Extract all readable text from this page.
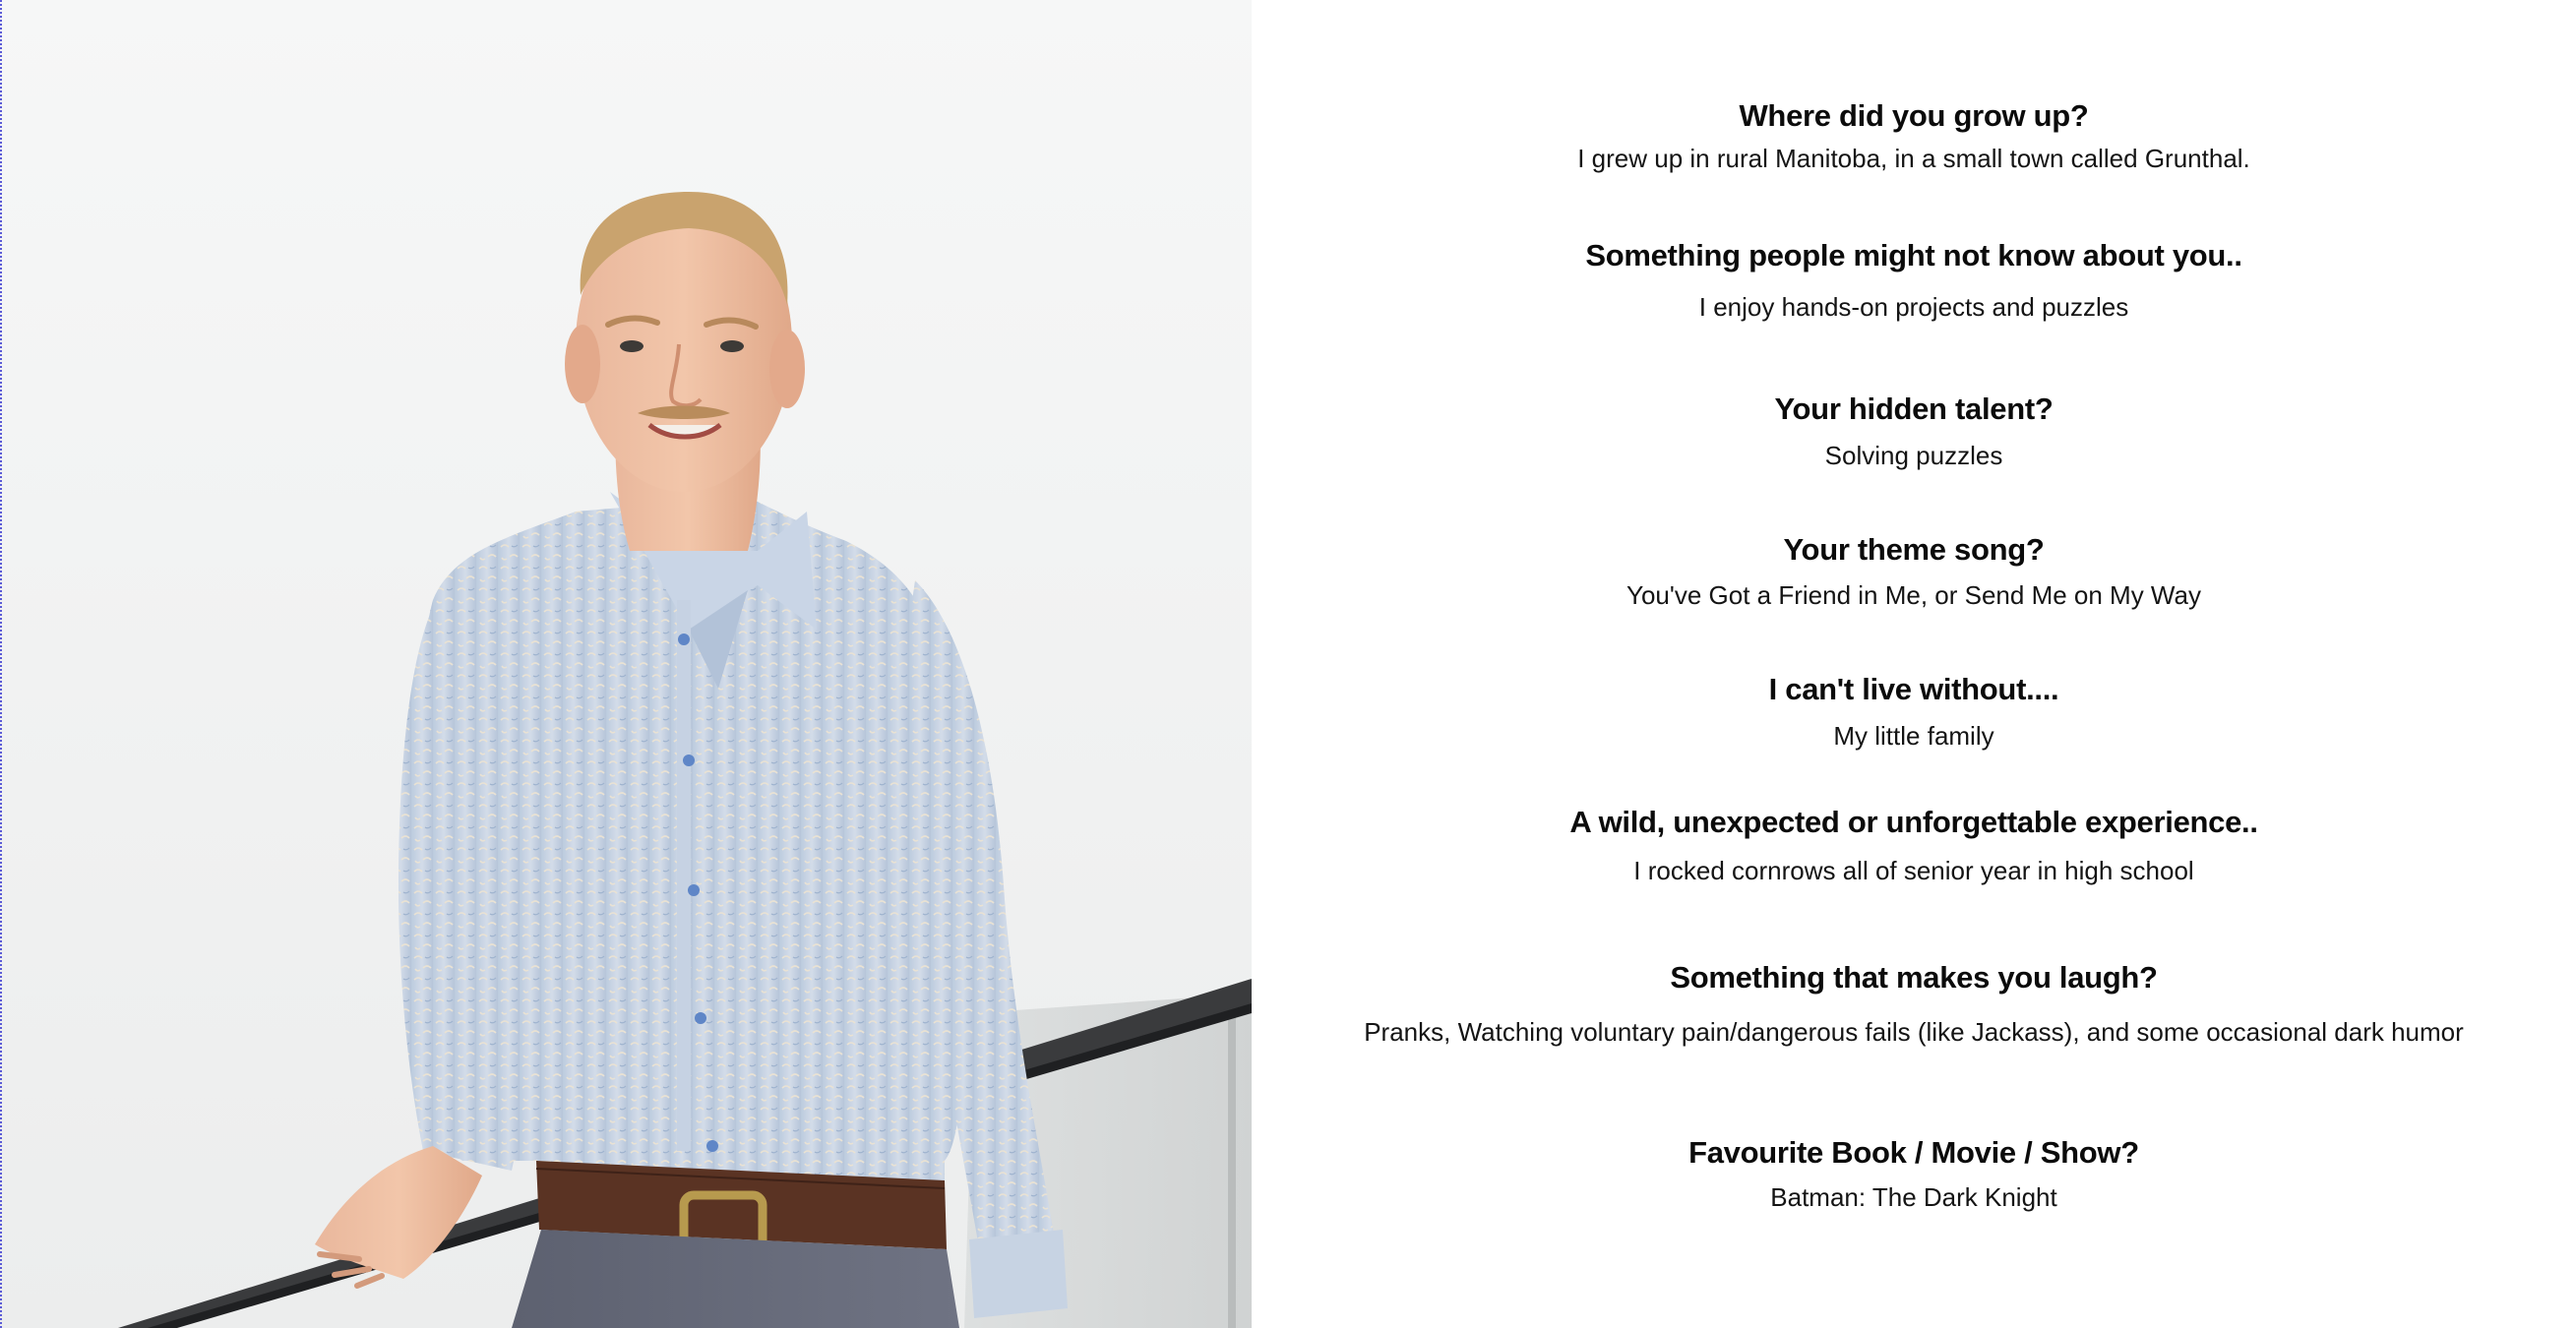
Where did you grow up?
I grew up in rural Manitoba, in a small town called Grunthal.
Something people might not know about you..
I enjoy hands-on projects and puzzles
Your hidden talent?
Solving puzzles
Your theme song?
You've Got a Friend in Me, or Send Me on My Way
I can't live without....
My little family
A wild, unexpected or unforgettable experience..
I rocked cornrows all of senior year in high school
Something that makes you laugh?
Pranks, Watching voluntary pain/dangerous fails (like Jackass), and some occasional dark humor
Favourite Book / Movie / Show?
Batman: The Dark Knight
